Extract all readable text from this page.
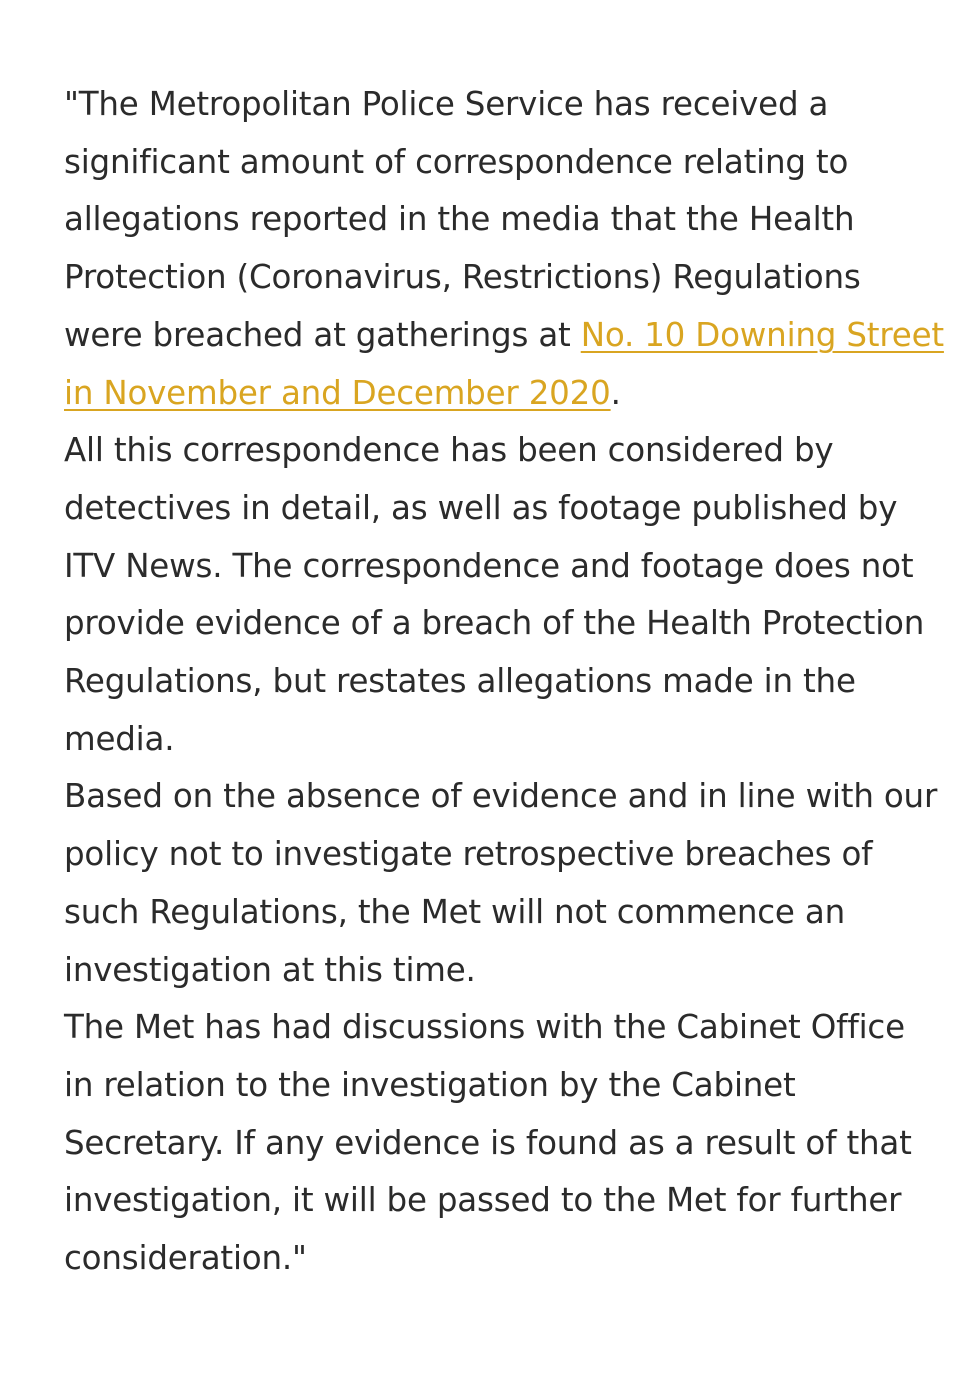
"The Metropolitan Police Service has received a significant amount of correspondence relating to allegations reported in the media that the Health Protection (Coronavirus, Restrictions) Regulations were breached at gatherings at No. 10 Downing Street in November and December 2020.

All this correspondence has been considered by detectives in detail, as well as footage published by ITV News. The correspondence and footage does not provide evidence of a breach of the Health Protection Regulations, but restates allegations made in the media.

Based on the absence of evidence and in line with our policy not to investigate retrospective breaches of such Regulations, the Met will not commence an investigation at this time.

The Met has had discussions with the Cabinet Office in relation to the investigation by the Cabinet Secretary. If any evidence is found as a result of that investigation, it will be passed to the Met for further consideration."
